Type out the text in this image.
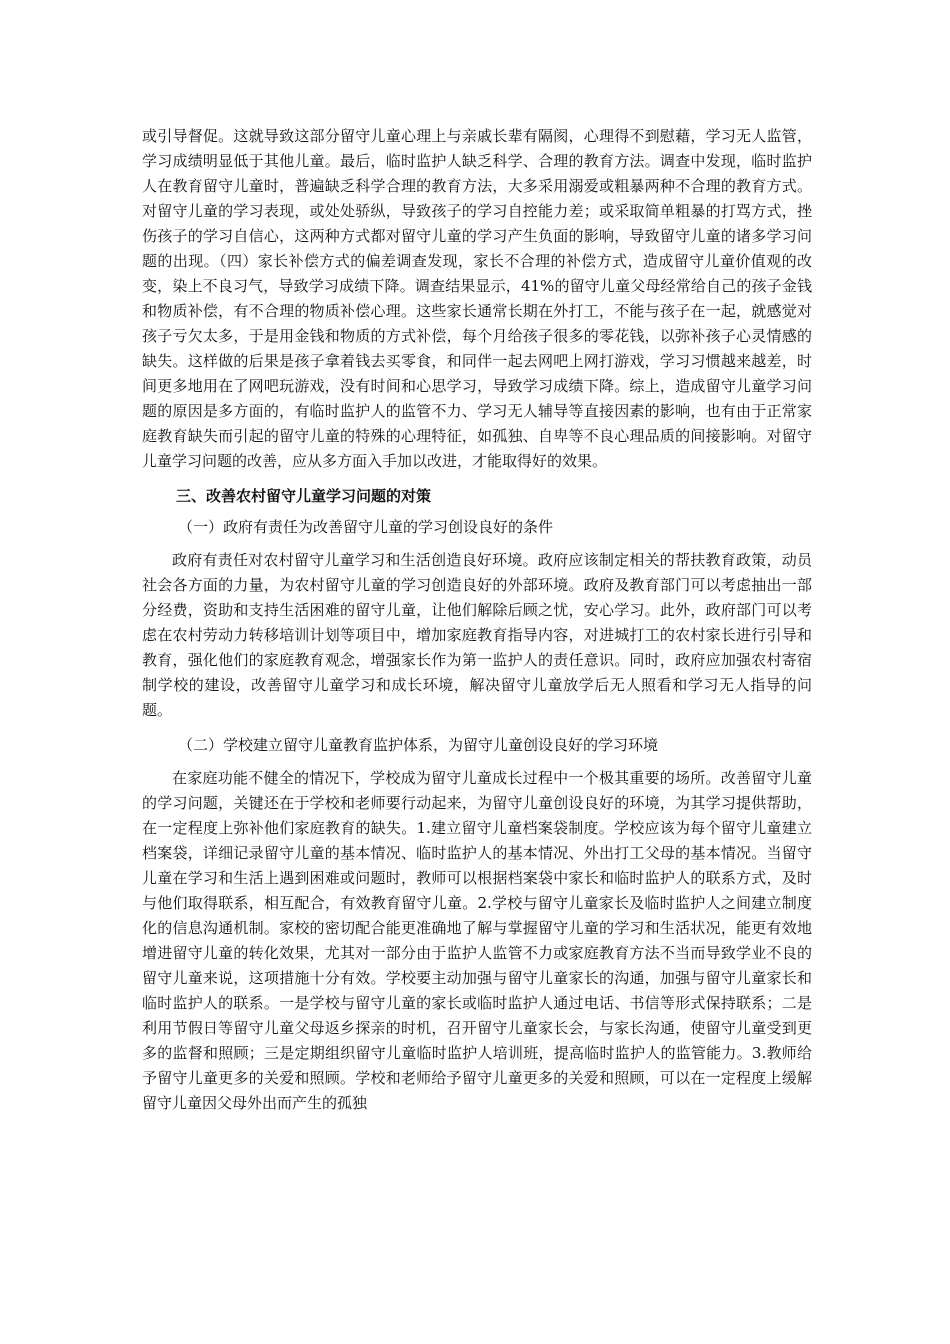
或引导督促。这就导致这部分留守儿童心理上与亲戚长辈有隔阂，心理得不到慰藉，学习无人监管，学习成绩明显低于其他儿童。最后，临时监护人缺乏科学、合理的教育方法。调查中发现，临时监护人在教育留守儿童时，普遍缺乏科学合理的教育方法，大多采用溺爱或粗暴两种不合理的教育方式。对留守儿童的学习表现，或处处骄纵，导致孩子的学习自控能力差；或采取简单粗暴的打骂方式，挫伤孩子的学习自信心，这两种方式都对留守儿童的学习产生负面的影响，导致留守儿童的诸多学习问题的出现。（四）家长补偿方式的偏差调查发现，家长不合理的补偿方式，造成留守儿童价值观的改变，染上不良习气，导致学习成绩下降。调查结果显示，41%的留守儿童父母经常给自己的孩子金钱和物质补偿，有不合理的物质补偿心理。这些家长通常长期在外打工，不能与孩子在一起，就感觉对孩子亏欠太多，于是用金钱和物质的方式补偿，每个月给孩子很多的零花钱，以弥补孩子心灵情感的缺失。这样做的后果是孩子拿着钱去买零食，和同伴一起去网吧上网打游戏，学习习惯越来越差，时间更多地用在了网吧玩游戏，没有时间和心思学习，导致学习成绩下降。综上，造成留守儿童学习问题的原因是多方面的，有临时监护人的监管不力、学习无人辅导等直接因素的影响，也有由于正常家庭教育缺失而引起的留守儿童的特殊的心理特征，如孤独、自卑等不良心理品质的间接影响。对留守儿童学习问题的改善，应从多方面入手加以改进，才能取得好的效果。

三、改善农村留守儿童学习问题的对策
（一）政府有责任为改善留守儿童的学习创设良好的条件

政府有责任对农村留守儿童学习和生活创造良好环境。政府应该制定相关的帮扶教育政策，动员社会各方面的力量，为农村留守儿童的学习创造良好的外部环境。政府及教育部门可以考虑抽出一部分经费，资助和支持生活困难的留守儿童，让他们解除后顾之忧，安心学习。此外，政府部门可以考虑在农村劳动力转移培训计划等项目中，增加家庭教育指导内容，对进城打工的农村家长进行引导和教育，强化他们的家庭教育观念，增强家长作为第一监护人的责任意识。同时，政府应加强农村寄宿制学校的建设，改善留守儿童学习和成长环境，解决留守儿童放学后无人照看和学习无人指导的问题。

（二）学校建立留守儿童教育监护体系，为留守儿童创设良好的学习环境

在家庭功能不健全的情况下，学校成为留守儿童成长过程中一个极其重要的场所。改善留守儿童的学习问题，关键还在于学校和老师要行动起来，为留守儿童创设良好的环境，为其学习提供帮助，在一定程度上弥补他们家庭教育的缺失。1.建立留守儿童档案袋制度。学校应该为每个留守儿童建立档案袋，详细记录留守儿童的基本情况、临时监护人的基本情况、外出打工父母的基本情况。当留守儿童在学习和生活上遇到困难或问题时，教师可以根据档案袋中家长和临时监护人的联系方式，及时与他们取得联系，相互配合，有效教育留守儿童。2.学校与留守儿童家长及临时监护人之间建立制度化的信息沟通机制。家校的密切配合能更准确地了解与掌握留守儿童的学习和生活状况，能更有效地增进留守儿童的转化效果，尤其对一部分由于监护人监管不力或家庭教育方法不当而导致学业不良的留守儿童来说，这项措施十分有效。学校要主动加强与留守儿童家长的沟通，加强与留守儿童家长和临时监护人的联系。一是学校与留守儿童的家长或临时监护人通过电话、书信等形式保持联系；二是利用节假日等留守儿童父母返乡探亲的时机，召开留守儿童家长会，与家长沟通，使留守儿童受到更多的监督和照顾；三是定期组织留守儿童临时监护人培训班，提高临时监护人的监管能力。3.教师给予留守儿童更多的关爱和照顾。学校和老师给予留守儿童更多的关爱和照顾，可以在一定程度上缓解留守儿童因父母外出而产生的孤独
